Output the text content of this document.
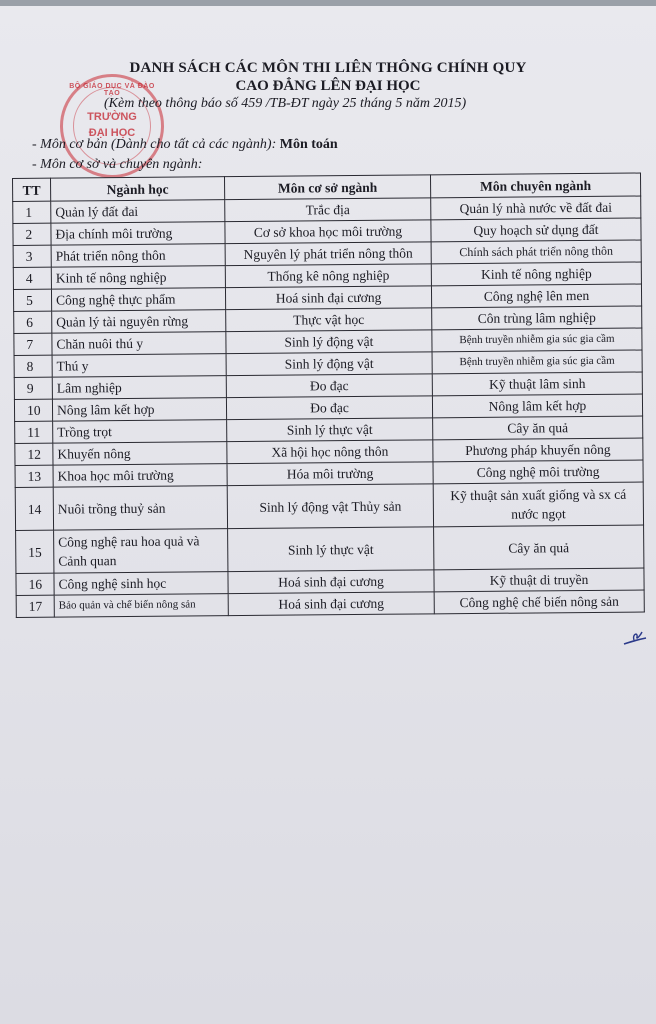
BỘ GIÁO DỤC VÀ ĐÀO TẠO
TRƯỜNG
ĐẠI HỌC
DANH SÁCH CÁC MÔN THI LIÊN THÔNG CHÍNH QUY
CAO ĐẲNG LÊN ĐẠI HỌC
(Kèm theo thông báo số 459 /TB-ĐT ngày 25 tháng 5 năm 2015)
- Môn cơ bản (Dành cho tất cả các ngành): Môn toán
- Môn cơ sở và chuyên ngành:
TT	Ngành học	Môn cơ sở ngành	Môn chuyên ngành
1	Quản lý đất đai	Trắc địa	Quản lý nhà nước về đất đai
2	Địa chính môi trường	Cơ sở khoa học môi trường	Quy hoạch sử dụng đất
3	Phát triển nông thôn	Nguyên lý phát triển nông thôn	Chính sách phát triển nông thôn
4	Kinh tế nông nghiệp	Thống kê nông nghiệp	Kinh tế nông nghiệp
5	Công nghệ thực phẩm	Hoá sinh đại cương	Công nghệ lên men
6	Quản lý tài nguyên rừng	Thực vật học	Côn trùng lâm nghiệp
7	Chăn nuôi thú y	Sinh lý động vật	Bệnh truyền nhiễm gia súc gia cầm
8	Thú y	Sinh lý động vật	Bệnh truyền nhiễm gia súc gia cầm
9	Lâm nghiệp	Đo đạc	Kỹ thuật lâm sinh
10	Nông lâm kết hợp	Đo đạc	Nông lâm kết hợp
11	Trồng trọt	Sinh lý thực vật	Cây ăn quả
12	Khuyến nông	Xã hội học nông thôn	Phương pháp khuyến nông
13	Khoa học môi trường	Hóa môi trường	Công nghệ môi trường
14	Nuôi trồng thuỷ sản	Sinh lý động vật Thủy sản	Kỹ thuật sản xuất giống và sx cá nước ngọt
15	Công nghệ rau hoa quả và Cảnh quan	Sinh lý thực vật	Cây ăn quả
16	Công nghệ sinh học	Hoá sinh đại cương	Kỹ thuật di truyền
17	Bảo quản và chế biến nông sản	Hoá sinh đại cương	Công nghệ chế biến nông sản
